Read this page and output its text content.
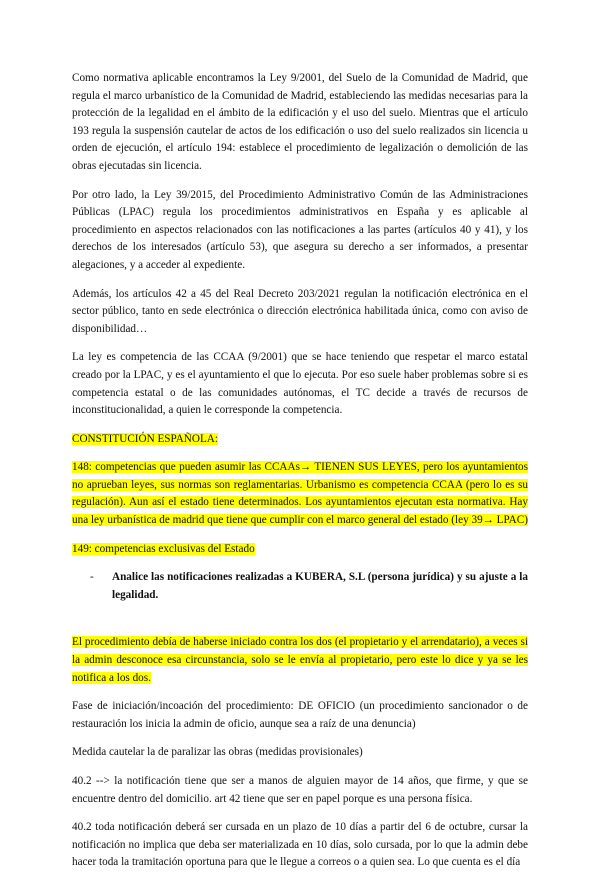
Como normativa aplicable encontramos la Ley 9/2001, del Suelo de la Comunidad de Madrid, que regula el marco urbanístico de la Comunidad de Madrid, estableciendo las medidas necesarias para la protección de la legalidad en el ámbito de la edificación y el uso del suelo. Mientras que el artículo 193 regula la suspensión cautelar de actos de los edificación o uso del suelo realizados sin licencia u orden de ejecución, el artículo 194: establece el procedimiento de legalización o demolición de las obras ejecutadas sin licencia.

Por otro lado, la Ley 39/2015, del Procedimiento Administrativo Común de las Administraciones Públicas (LPAC) regula los procedimientos administrativos en España y es aplicable al procedimiento en aspectos relacionados con las notificaciones a las partes (artículos 40 y 41), y los derechos de los interesados (artículo 53), que asegura su derecho a ser informados, a presentar alegaciones, y a acceder al expediente.

Además, los artículos 42 a 45 del Real Decreto 203/2021 regulan la notificación electrónica en el sector público, tanto en sede electrónica o dirección electrónica habilitada única, como con aviso de disponibilidad…

La ley es competencia de las CCAA (9/2001) que se hace teniendo que respetar el marco estatal creado por la LPAC, y es el ayuntamiento el que lo ejecuta. Por eso suele haber problemas sobre si es competencia estatal o de las comunidades autónomas, el TC decide a través de recursos de inconstitucionalidad, a quien le corresponde la competencia.

CONSTITUCIÓN ESPAÑOLA:

148: competencias que pueden asumir las CCAAs→ TIENEN SUS LEYES, pero los ayuntamientos no aprueban leyes, sus normas son reglamentarias. Urbanismo es competencia CCAA (pero lo es su regulación). Aun así el estado tiene determinados. Los ayuntamientos ejecutan esta normativa. Hay una ley urbanística de madrid que tiene que cumplir con el marco general del estado (ley 39→ LPAC)

149: competencias exclusivas del Estado

-	Analice las notificaciones realizadas a KUBERA, S.L (persona jurídica) y su ajuste a la legalidad.

El procedimiento debía de haberse iniciado contra los dos (el propietario y el arrendatario), a veces si la admin desconoce esa circunstancia, solo se le envía al propietario, pero este lo dice y ya se les notifica a los dos.

Fase de iniciación/incoación del procedimiento: DE OFICIO (un procedimiento sancionador o de restauración los inicia la admin de oficio, aunque sea a raíz de una denuncia)

Medida cautelar la de paralizar las obras (medidas provisionales)

40.2 --> la notificación tiene que ser a manos de alguien mayor de 14 años, que firme, y que se encuentre dentro del domicilio. art 42 tiene que ser en papel porque es una persona física.

40.2 toda notificación deberá ser cursada en un plazo de 10 días a partir del 6 de octubre, cursar la notificación no implica que deba ser materializada en 10 días, solo cursada, por lo que la admin debe hacer toda la tramitación oportuna para que le llegue a correos o a quien sea. Lo que cuenta es el día
